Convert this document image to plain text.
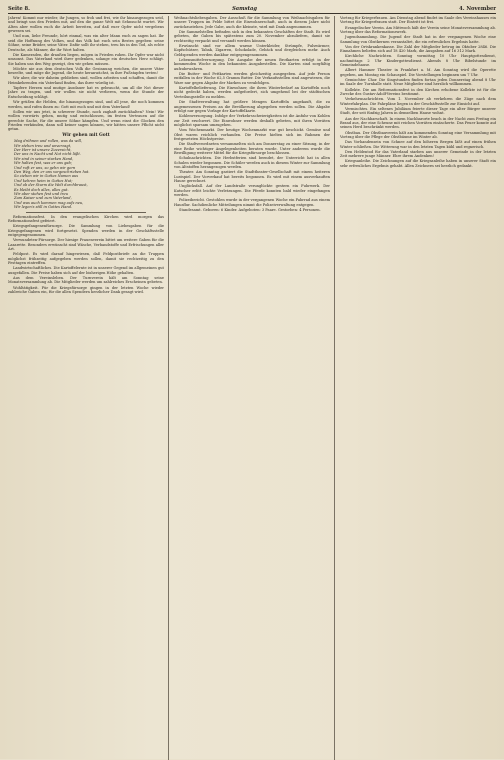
Seite 8.	Samstag	4. November

Jahren! Kommt nur wieder, ihr Jungen, so froh und frei, wie ihr hinausgezogen seid, und bringt uns den Frieden mit, auf den die ganze Welt mit Sehnsucht wartet. Wir Alten aber wollen euch die Arbeit bereiten, auf daß euer Opfer nicht vergebens gewesen sei.

Und nun, liebe Freunde, hört einmal, was ein alter Mann euch zu sagen hat. Ihr seid die Hoffnung des Volkes, und das Volk hat euch sein Bestes gegeben: seine Söhne, seine Brüder, seine Väter. Dafür sollt ihr stehen, treu bis in den Tod, als echte Deutsche, als Männer, die ihr Wort halten.

Die Kameraden, die draußen liegen, mögen in Frieden ruhen. Ihr Opfer war nicht umsonst. Das Vaterland wird ihrer gedenken, solange ein deutsches Herz schlägt. Sie haben uns den Weg gezeigt, den wir gehen müssen.

Möchte nie aus dem deutschen Volk die Gesinnung weichen, die unsere Väter beseelte, und möge die Jugend, die heute heranwächst, in ihre Fußstapfen treten!

Wir aber, die wir daheim geblieben sind, wollen arbeiten und schaffen, damit die Heimkehrenden ein Vaterland finden, das ihrer würdig ist.

Tapfere Herzen und mutige Ausdauer hat es gebraucht, um all die Not dieser Jahre zu tragen, und wir wollen sie nicht verlieren, wenn die Stunde der Entscheidung schlägt.

Wir grüßen die Helden, die hinausgezogen sind, und all jene, die noch kommen werden, und rufen ihnen zu: Gott mit euch und mit dem Vaterland!

Sollen wir uns jetzt, in schwerer Stunde, noch zaghaft zurückhalten? Nein! Wir wollen vorwärts gehen, mutig und entschlossen, im festen Vertrauen auf die gerechte Sache, für die unsere Söhne kämpfen. Und wenn einst die Glocken den Frieden verkünden, dann soll keiner sagen können, wir hätten unsere Pflicht nicht getan.

Wir gehen mit Gott
Mag dröhnen und rollen, was da will,
Wir stehen treu und unverzagt,
Der Herr ist unsere Zuversicht,
Der uns in Nacht und Not nicht läßt.
Wir sind in seiner starken Hand,
Wir halten fest, was er uns gab;
Und ruft er uns, so gehn wir gern
Den Weg, den er uns vorgeschrieben hat.
So ziehen wir in Gottes Namen aus
Und kehren heim in Gottes Hut;
Und ob der Sturm die Welt durchbraust,
Es bleibt doch alles, alles gut.
Wir aber stehen fest und treu
Zum Kaiser und zum Vaterland,
Und was auch kommen mag aufs neu,
Wir legen's still in Gottes Hand.

Reformationsfest. In den evangelischen Kirchen wird morgen das Reformationsfest gefeiert.

Kriegsgefangenenfürsorge. Die Sammlung von Liebesgaben für die Kriegsgefangenen wird fortgesetzt. Spenden werden in der Geschäftsstelle entgegengenommen.

Verwundeten-Fürsorge. Der hiesige Frauenverein bittet um weitere Gaben für die Lazarette. Besonders erwünscht sind Wäsche, Verbandstoffe und Erfrischungen aller Art.

Feldpost. Es wird darauf hingewiesen, daß Feldpostbriefe an die Truppen möglichst frühzeitig aufgegeben werden sollen, damit sie rechtzeitig zu den Festtagen eintreffen.

Landwirtschaftliches. Die Kartoffelernte ist in unserer Gegend im allgemeinen gut ausgefallen. Die Preise haben sich auf der bisherigen Höhe gehalten.

Aus dem Vereinsleben. Der Turnverein hält am Sonntag seine Monatsversammlung ab. Die Mitglieder werden um zahlreiches Erscheinen gebeten.

Wohltätigkeit. Für die Kriegsfürsorge gingen in der letzten Woche wieder zahlreiche Gaben ein, für die allen Spendern herzlicher Dank gesagt wird.

Weihnachtsliebesgaben. Der Ausschuß für die Sammlung von Weihnachtsgaben für unsere Truppen im Felde bittet die Einwohnerschaft, auch in diesem Jahre nicht zurückzustehen. Jede Gabe, auch die kleinste, wird mit Dank angenommen.

Die Sammelstellen befinden sich in den bekannten Geschäften der Stadt. Es wird gebeten, die Gaben bis spätestens zum 20. November abzuliefern, damit sie rechtzeitig verpackt und versandt werden können.

Erwünscht sind vor allem warme Unterkleider, Strümpfe, Pulswärmer, Kopfschützer, Tabak, Zigarren, Schokolade, Gebäck und dergleichen mehr. Auch Geldspenden werden dankbar entgegengenommen.

Lebensmittelversorgung. Die Ausgabe der neuen Brotkarten erfolgt in der kommenden Woche in den bekannten Ausgabestellen. Die Karten sind sorgfältig aufzubewahren.

Die Butter- und Fettkarten werden gleichzeitig ausgegeben. Auf jede Person entfallen in der Woche 62,5 Gramm Butter. Die Verkaufsstellen sind angewiesen, die Ware nur gegen Abgabe der Marken zu verabfolgen.

Kartoffelbelieferung. Die Einwohner, die ihren Winterbedarf an Kartoffeln noch nicht gedeckt haben, werden aufgefordert, sich umgehend bei der städtischen Verteilungsstelle zu melden.

Die Stadtverwaltung hat größere Mengen Kartoffeln angekauft, die zu angemessenen Preisen an die Bevölkerung abgegeben werden sollen. Die Abgabe erfolgt nur gegen Vorlage der Kartoffelkarte.

Kohlenversorgung. Infolge der Verkehrsschwierigkeiten ist die Anfuhr von Kohlen zur Zeit erschwert. Die Einwohner werden deshalb gebeten, mit ihren Vorräten möglichst sparsam umzugehen.

Vom Wochenmarkt. Der heutige Wochenmarkt war gut beschickt. Gemüse und Obst waren reichlich vorhanden. Die Preise hielten sich im Rahmen der festgesetzten Höchstpreise.

Die Stadtverordneten versammelten sich am Donnerstag zu einer Sitzung, in der eine Reihe wichtiger Angelegenheiten beraten wurde. Unter anderem wurde die Bewilligung weiterer Mittel für die Kriegsfürsorge beschlossen.

Schulnachrichten. Die Herbstferien sind beendet, der Unterricht hat in allen Schulen wieder begonnen. Die Schüler werden auch in diesem Winter zur Sammlung von Altstoffen herangezogen werden.

Theater. Am Sonntag gastiert die Stadttheater-Gesellschaft mit einem heiteren Lustspiel. Der Vorverkauf hat bereits begonnen. Es wird mit einem ausverkauften Hause gerechnet.

Unglücksfall. Auf der Landstraße verunglückte gestern ein Fuhrwerk. Der Kutscher erlitt leichte Verletzungen. Die Pferde konnten bald wieder eingefangen werden.

Polizeibericht. Gestohlen wurde in der vergangenen Woche ein Fahrrad aus einem Hausflur. Sachdienliche Mitteilungen nimmt die Polizeiverwaltung entgegen.

Standesamt. Geboren: 6 Kinder. Aufgeboten: 3 Paare. Gestorben: 4 Personen.

Vortrag für Kriegerfrauen. Am Dienstag abend findet im Saale des Vereinshauses ein Vortrag für Kriegerfrauen statt. Der Eintritt ist frei.

Evangelischer Verein. Am Mittwoch hält der Verein seine Monatsversammlung ab. Vortrag über das Reformationswerk.

Jugendsammlung. Die Jugend der Stadt hat in der vergangenen Woche eine Sammlung von Obstkernen veranstaltet, die ein erfreuliches Ergebnis hatte.

Von der Ortskrankenkasse. Die Zahl der Mitglieder betrug im Oktober 2846. Die Einnahmen beliefen sich auf 18 420 Mark, die Ausgaben auf 16 312 Mark.

Kirchliche Nachrichten. Sonntag vormittag 10 Uhr Hauptgottesdienst, nachmittags 2 Uhr Kindergottesdienst. Abends 8 Uhr Bibelstunde im Gemeindehause.

Albert Hammer Theater in Frankfurt a. M. Am Sonntag wird die Operette gegeben, am Montag ein Schauspiel. Die Vorstellungen beginnen um 7 Uhr.

Gemischter Chor. Die Singstunden finden fortan jeden Donnerstag abend 8 Uhr im Saale der Turnhalle statt. Neue Mitglieder sind herzlich willkommen.

Kollekte. Die am Reformationsfest in den Kirchen erhobene Kollekte ist für die Zwecke des Gustav-Adolf-Vereins bestimmt.

Verkehrsnachrichten. Vom 1. November ab verkehren die Züge nach dem Winterfahrplan. Die Fahrpläne liegen in der Geschäftsstelle zur Einsicht auf.

Vermischtes. Ein seltenes Jubiläum feierte dieser Tage ein alter Bürger unserer Stadt, der seit fünfzig Jahren in demselben Hause wohnt.

Aus der Nachbarschaft. In einem Nachbarorte brach in der Nacht zum Freitag ein Brand aus, der eine Scheune mit reichen Vorräten einäscherte. Das Feuer konnte auf seinen Herd beschränkt werden.

Obstbau. Der Obstbauverein hält am kommenden Sonntag eine Versammlung mit Vortrag über die Pflege der Obstbäume im Winter ab.

Das Vorhandensein von Schnee auf den höheren Bergen läßt auf einen frühen Winter schließen. Die Witterung war in den letzten Tagen kühl und regnerisch.

Den Heldentod für das Vaterland starben aus unserer Gemeinde in der letzten Zeit mehrere junge Männer. Ehre ihrem Andenken!

Kriegsanleihe. Die Zeichnungen auf die Kriegsanleihe haben in unserer Stadt ein sehr erfreuliches Ergebnis gehabt. Allen Zeichnern sei herzlich gedankt.
